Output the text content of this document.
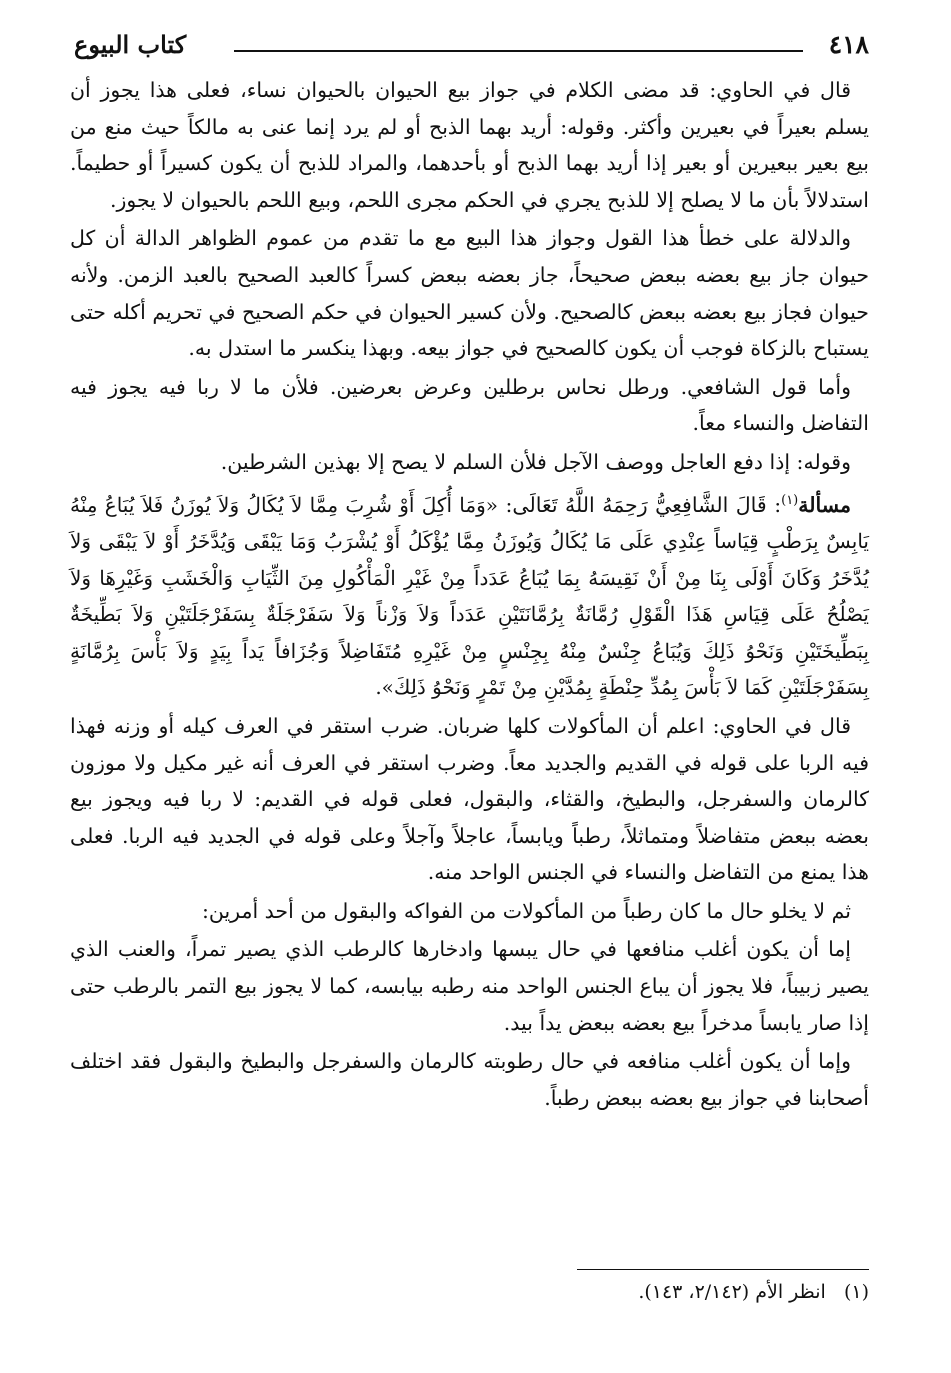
٤١٨
كتاب البيوع

قال في الحاوي: قد مضى الكلام في جواز بيع الحيوان بالحيوان نساء، فعلى هذا يجوز أن يسلم بعيراً في بعيرين وأكثر. وقوله: أريد بهما الذبح أو لم يرد إنما عنى به مالكاً حيث منع من بيع بعير ببعيرين أو بعير إذا أريد بهما الذبح أو بأحدهما، والمراد للذبح أن يكون كسيراً أو حطيماً. استدلالاً بأن ما لا يصلح إلا للذبح يجري في الحكم مجرى اللحم، وبيع اللحم بالحيوان لا يجوز.

والدلالة على خطأ هذا القول وجواز هذا البيع مع ما تقدم من عموم الظواهر الدالة أن كل حيوان جاز بيع بعضه ببعض صحيحاً، جاز بعضه ببعض كسراً كالعبد الصحيح بالعبد الزمن. ولأنه حيوان فجاز بيع بعضه ببعض كالصحيح. ولأن كسير الحيوان في حكم الصحيح في تحريم أكله حتى يستباح بالزكاة فوجب أن يكون كالصحيح في جواز بيعه. وبهذا ينكسر ما استدل به.

وأما قول الشافعي. ورطل نحاس برطلين وعرض بعرضين. فلأن ما لا ربا فيه يجوز فيه التفاضل والنساء معاً.

وقوله: إذا دفع العاجل ووصف الآجل فلأن السلم لا يصح إلا بهذين الشرطين.

مسألة$^{(١)}$: قَالَ الشَّافِعِيُّ رَحِمَهُ اللَّهُ تَعَالَى: «وَمَا أُكِلَ أَوْ شُرِبَ مِمَّا لاَ يُكَالُ وَلاَ يُوزَنُ فَلاَ يُبَاعُ مِنْهُ يَابِسٌ بِرَطْبٍ قِيَاساً عِنْدِي عَلَى مَا يُكَالُ وَيُوزَنُ مِمَّا يُؤْكَلُ أَوْ يُشْرَبُ وَمَا يَبْقَى وَيُدَّخَرُ أَوْ لاَ يَبْقَى وَلاَ يُدَّخَرُ وَكَانَ أَوْلَى بِنَا مِنْ أَنْ نَقِيسَهُ بِمَا يُبَاعُ عَدَداً مِنْ غَيْرِ الْمَأْكُولِ مِنَ الثِّيَابِ وَالْخَشَبِ وَغَيْرِهَا وَلاَ يَصْلُحُ عَلَى قِيَاسِ هَذَا الْقَوْلِ رُمَّانَةٌ بِرُمَّانَتَيْنِ عَدَداً وَلاَ وَزْناً وَلاَ سَفَرْجَلَةٌ بِسَفَرْجَلَتَيْنِ وَلاَ بَطِّيخَةٌ بِبَطِّيخَتَيْنِ وَنَحْوُ ذَلِكَ وَيُبَاعُ جِنْسٌ مِنْهُ بِجِنْسٍ مِنْ غَيْرِهِ مُتَفَاضِلاً وَجُزَافاً يَداً بِيَدٍ وَلاَ بَأْسَ بِرُمَّانَةٍ بِسَفَرْجَلَتَيْنِ كَمَا لاَ بَأْسَ بِمُدِّ حِنْطَةٍ بِمُدَّيْنِ مِنْ تَمْرٍ وَنَحْوُ ذَلِكَ».

قال في الحاوي: اعلم أن المأكولات كلها ضربان. ضرب استقر في العرف كيله أو وزنه فهذا فيه الربا على قوله في القديم والجديد معاً. وضرب استقر في العرف أنه غير مكيل ولا موزون كالرمان والسفرجل، والبطيخ، والقثاء، والبقول، فعلى قوله في القديم: لا ربا فيه ويجوز بيع بعضه ببعض متفاضلاً ومتماثلاً، رطباً ويابساً، عاجلاً وآجلاً وعلى قوله في الجديد فيه الربا. فعلى هذا يمنع من التفاضل والنساء في الجنس الواحد منه.

ثم لا يخلو حال ما كان رطباً من المأكولات من الفواكه والبقول من أحد أمرين:

إما أن يكون أغلب منافعها في حال يبسها وادخارها كالرطب الذي يصير تمراً، والعنب الذي يصير زبيباً، فلا يجوز أن يباع الجنس الواحد منه رطبه بيابسه، كما لا يجوز بيع التمر بالرطب حتى إذا صار يابساً مدخراً بيع بعضه ببعض يداً بيد.

وإما أن يكون أغلب منافعه في حال رطوبته كالرمان والسفرجل والبطيخ والبقول فقد اختلف أصحابنا في جواز بيع بعضه ببعض رطباً.

(١)   انظر الأم (٢/١٤٢، ١٤٣).
